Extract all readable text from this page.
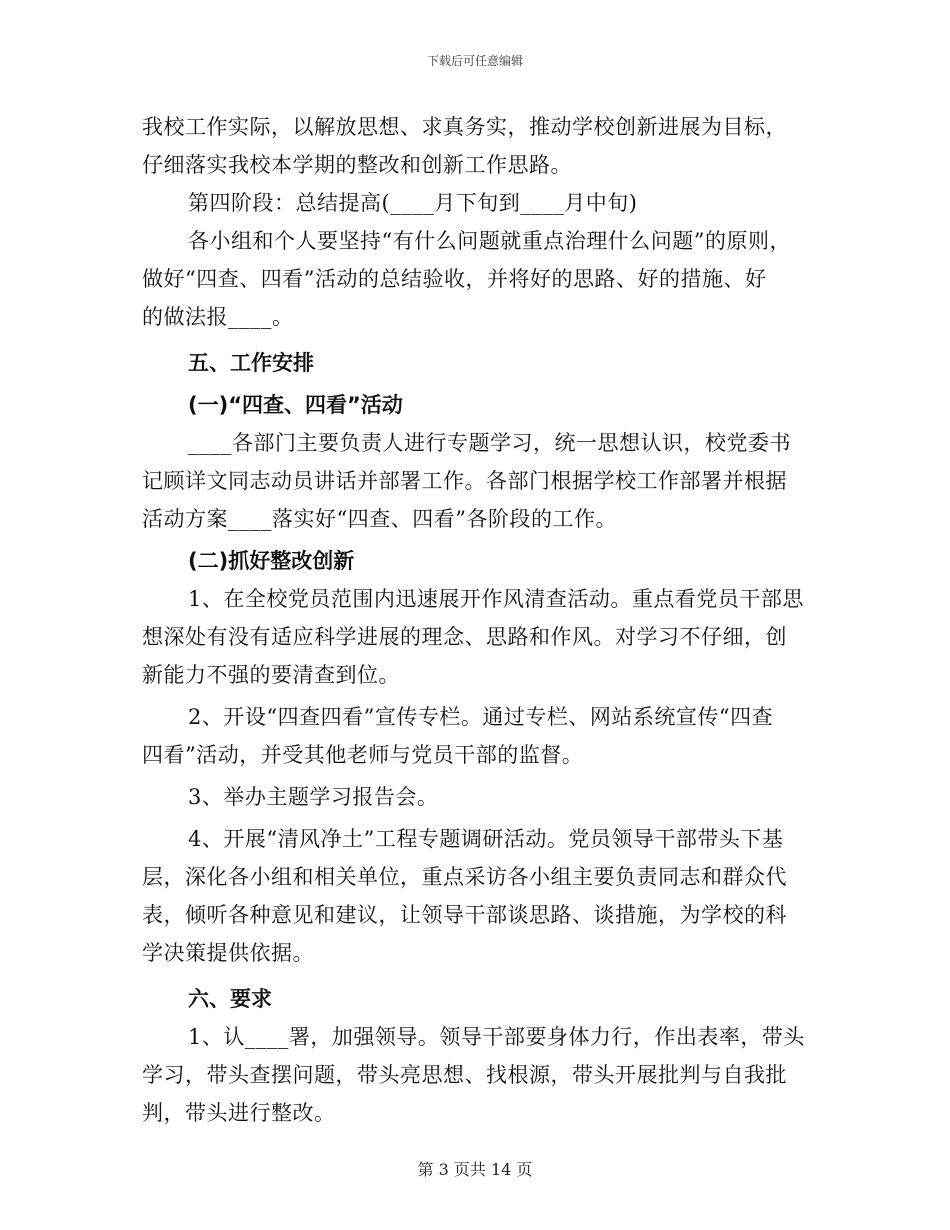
下载后可任意编辑
我校工作实际，以解放思想、求真务实，推动学校创新进展为目标，
仔细落实我校本学期的整改和创新工作思路。
第四阶段：总结提高(____月下旬到____月中旬)
各小组和个人要坚持“有什么问题就重点治理什么问题”的原则，
做好“四查、四看”活动的总结验收，并将好的思路、好的措施、好
的做法报____。
五、工作安排
(一)“四查、四看”活动
____各部门主要负责人进行专题学习，统一思想认识，校党委书
记顾详文同志动员讲话并部署工作。各部门根据学校工作部署并根据
活动方案____落实好“四查、四看”各阶段的工作。
(二)抓好整改创新
1、在全校党员范围内迅速展开作风清查活动。重点看党员干部思
想深处有没有适应科学进展的理念、思路和作风。对学习不仔细，创
新能力不强的要清查到位。
2、开设“四查四看”宣传专栏。通过专栏、网站系统宣传“四查
四看”活动，并受其他老师与党员干部的监督。
3、举办主题学习报告会。
4、开展“清风净土”工程专题调研活动。党员领导干部带头下基
层，深化各小组和相关单位，重点采访各小组主要负责同志和群众代
表，倾听各种意见和建议，让领导干部谈思路、谈措施，为学校的科
学决策提供依据。
六、要求
1、认____署，加强领导。领导干部要身体力行，作出表率，带头
学习，带头查摆问题，带头亮思想、找根源，带头开展批判与自我批
判，带头进行整改。
第 3 页共 14 页
